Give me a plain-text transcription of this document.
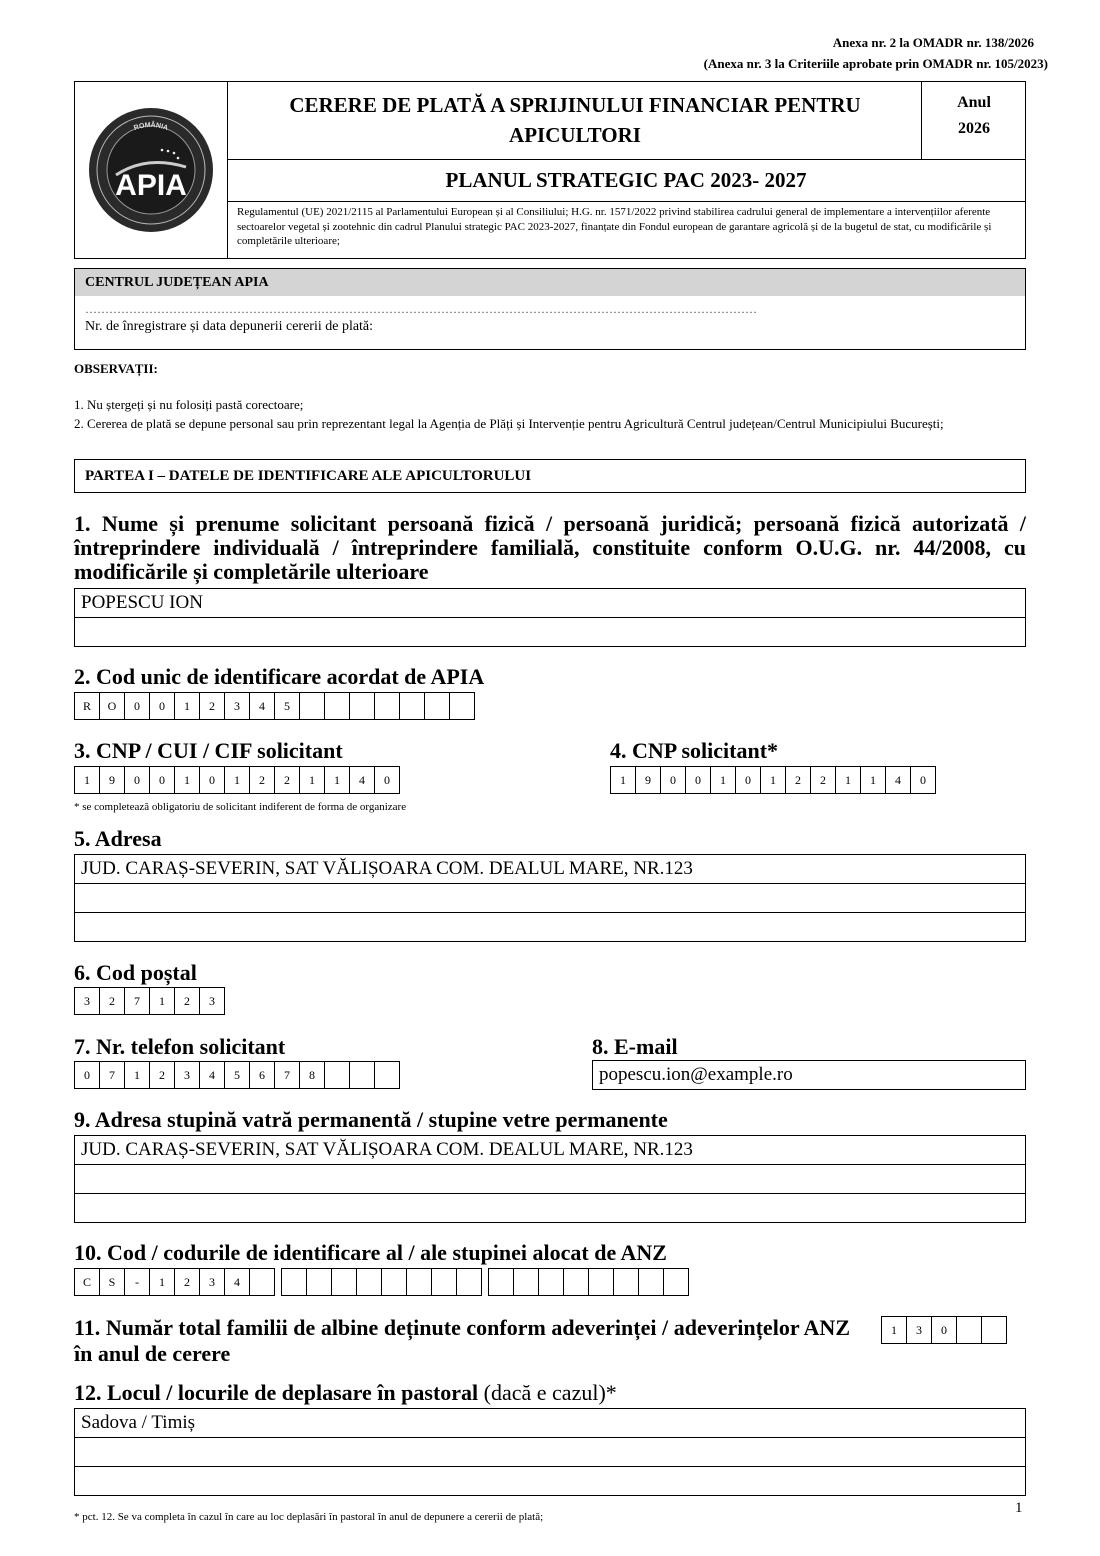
Anexa nr. 2 la OMADR nr. 138/2026
(Anexa nr. 3 la Criteriile aprobate prin OMADR nr. 105/2023)
ROMÂNIA
APIA
CERERE DE PLATĂ A SPRIJINULUI FINANCIAR PENTRU APICULTORI
Anul
2026
PLANUL STRATEGIC PAC 2023- 2027
Regulamentul (UE) 2021/2115 al Parlamentului European și al Consiliului; H.G. nr. 1571/2022 privind stabilirea cadrului general de implementare a intervențiilor aferente sectoarelor vegetal și zootehnic din cadrul Planului strategic PAC 2023-2027, finanțate din Fondul european de garantare agricolă și de la bugetul de stat, cu modificările și completările ulterioare;
CENTRUL JUDEȚEAN APIA
……………………………………………………………………………………………………………………………………………………
Nr. de înregistrare și data depunerii cererii de plată:
OBSERVAȚII:
1. Nu ștergeți și nu folosiți pastă corectoare;
2. Cererea de plată se depune personal sau prin reprezentant legal la Agenția de Plăți și Intervenție pentru Agricultură Centrul județean/Centrul Municipiului București;
PARTEA I – DATELE DE IDENTIFICARE ALE APICULTORULUI
1. Nume și prenume solicitant persoană fizică / persoană juridică; persoană fizică autorizată / întreprindere individuală / întreprindere familială, constituite conform O.U.G. nr. 44/2008, cu modificările și completările ulterioare
POPESCU ION
2. Cod unic de identificare acordat de APIA
R	O	0	0	1	2	3	4	5
3. CNP / CUI / CIF solicitant
1	9	0	0	1	0	1	2	2	1	1	4	0
4. CNP solicitant*
1	9	0	0	1	0	1	2	2	1	1	4	0
* se completează obligatoriu de solicitant indiferent de forma de organizare
5. Adresa
JUD. CARAȘ-SEVERIN, SAT VĂLIȘOARA COM. DEALUL MARE, NR.123
6. Cod poștal
3	2	7	1	2	3
7. Nr. telefon solicitant
0	7	1	2	3	4	5	6	7	8
8. E-mail
popescu.ion@example.ro
9. Adresa stupină vatră permanentă / stupine vetre permanente
JUD. CARAȘ-SEVERIN, SAT VĂLIȘOARA COM. DEALUL MARE, NR.123
10. Cod / codurile de identificare al / ale stupinei alocat de ANZ
C	S	-	1	2	3	4
11. Număr total familii de albine deținute conform adeverinței / adeverințelor ANZ în anul de cerere
1	3	0
12. Locul / locurile de deplasare în pastoral (dacă e cazul)*
Sadova / Timiș
* pct. 12. Se va completa în cazul în care au loc deplasări în pastoral în anul de depunere a cererii de plată;
1
